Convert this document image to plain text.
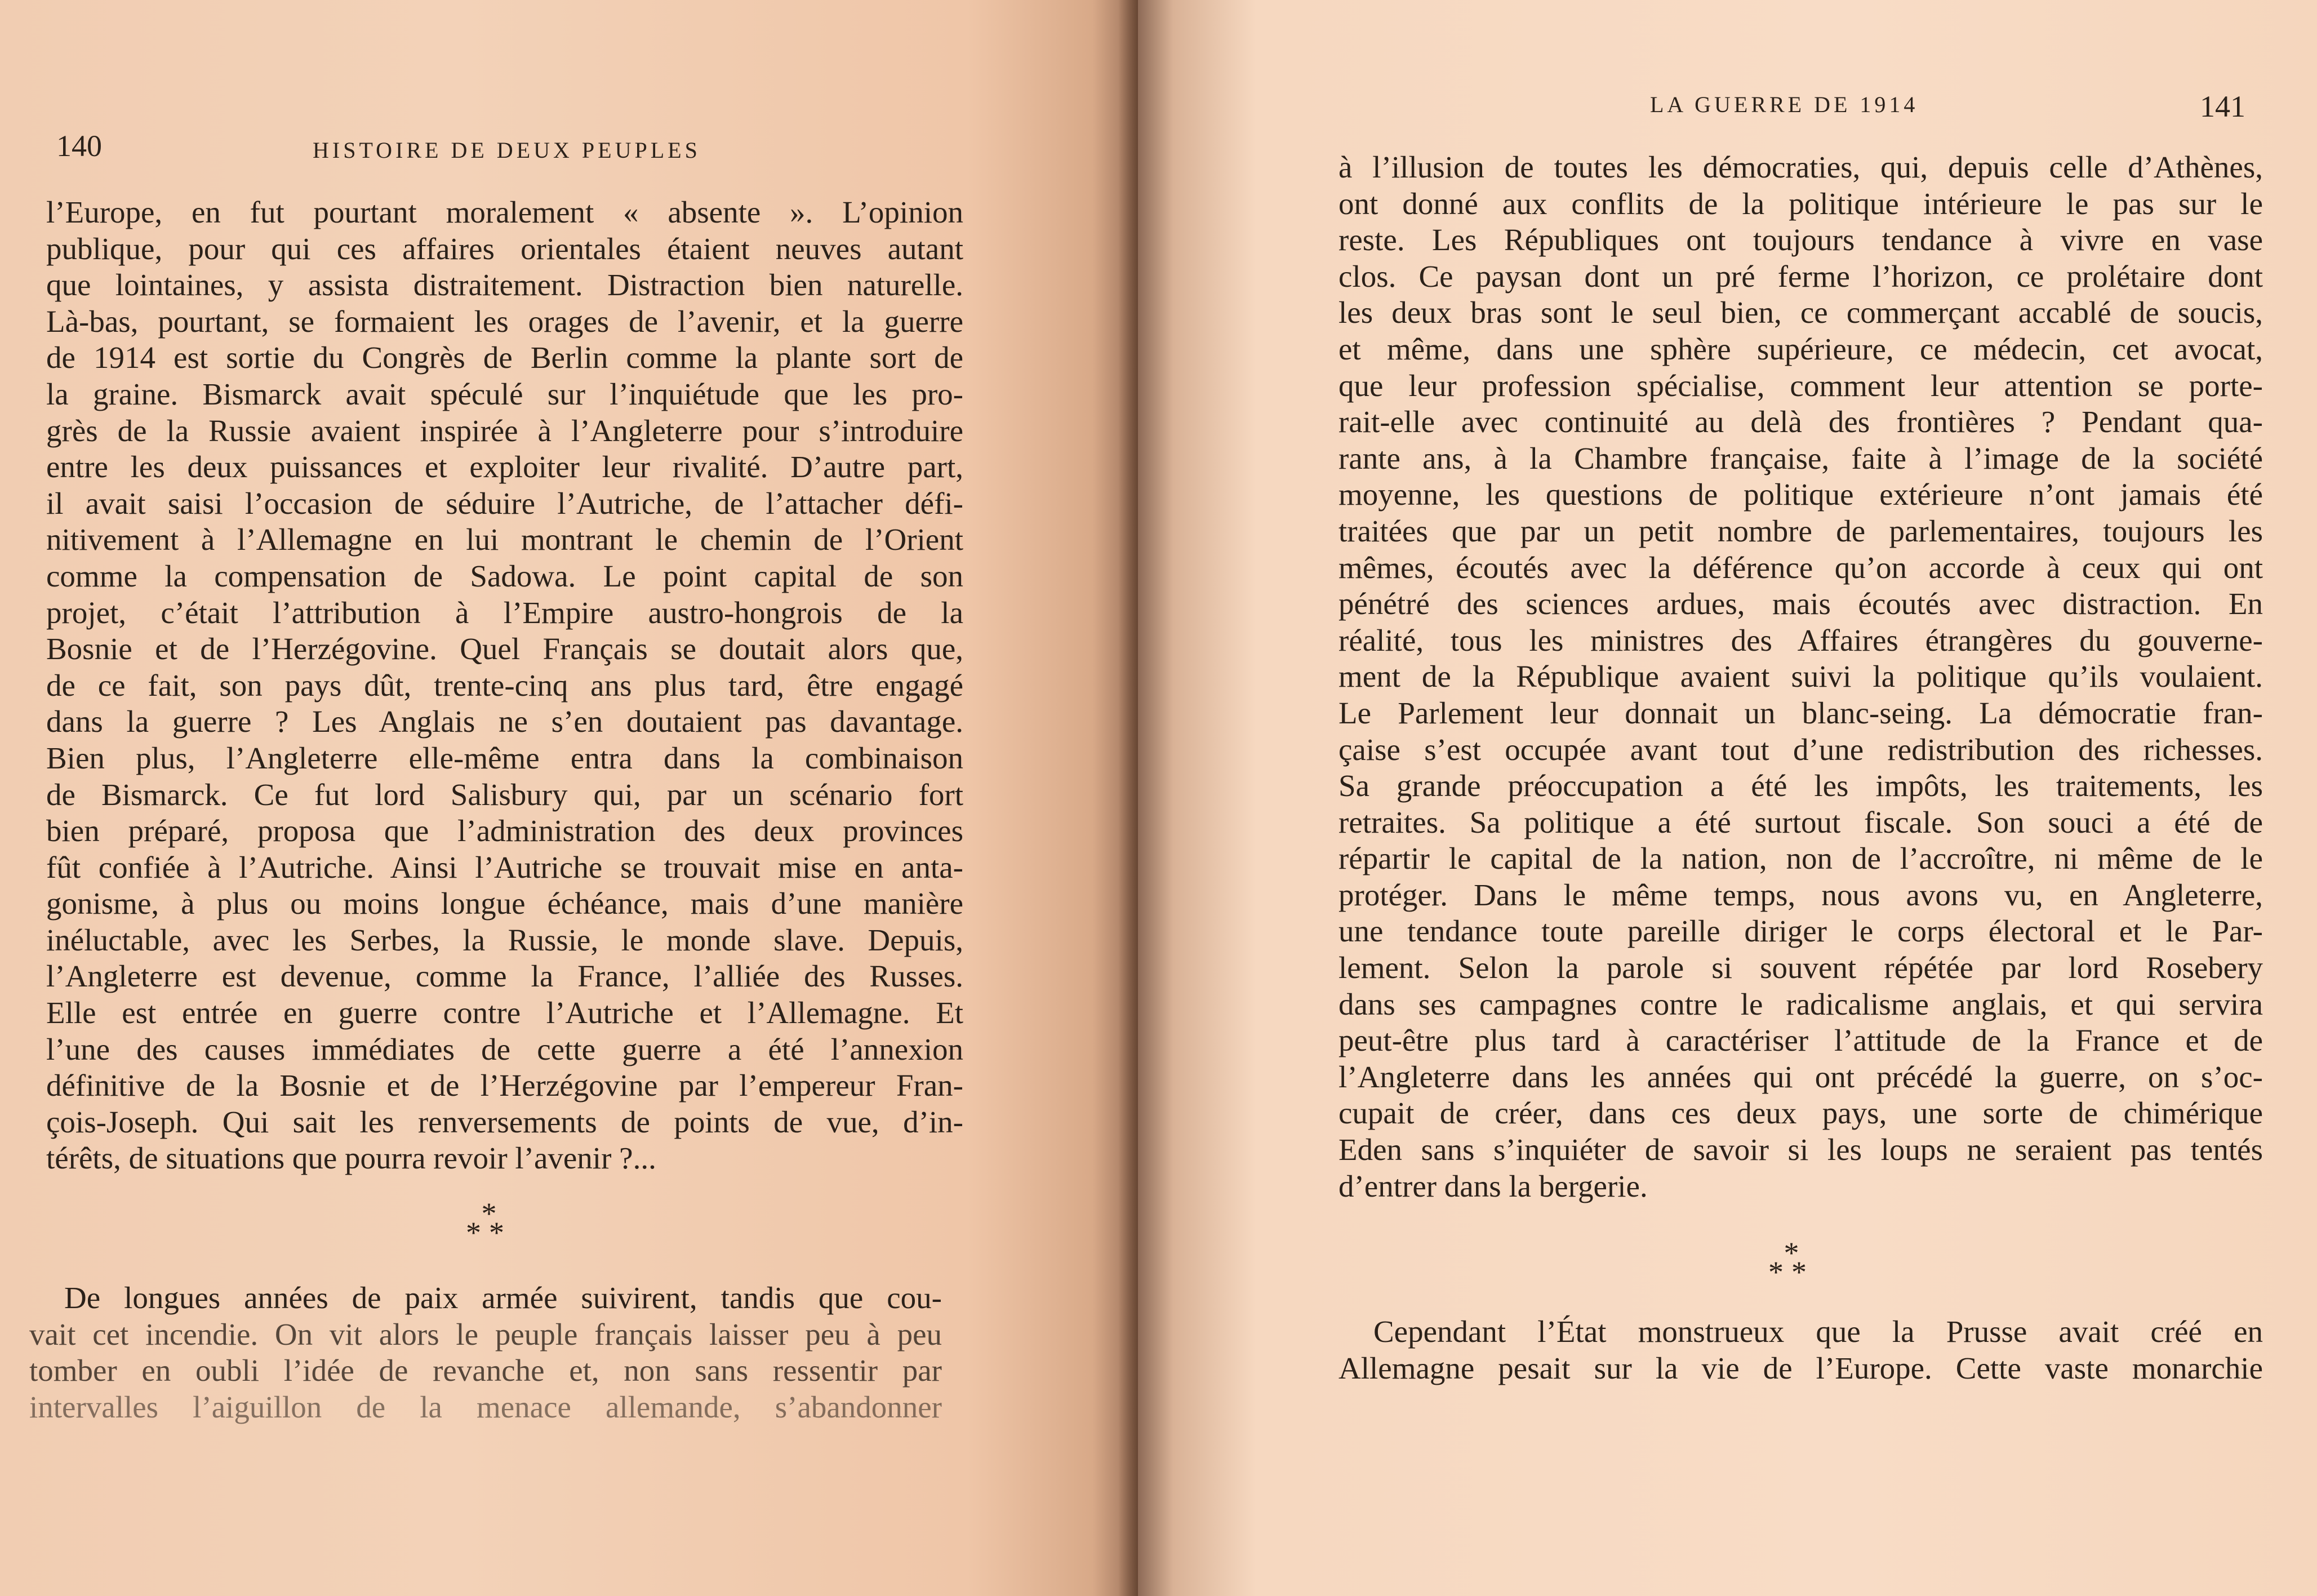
140	HISTOIRE DE DEUX PEUPLES
l’Europe, en fut pourtant moralement « absente ». L’opinion
publique, pour qui ces affaires orientales étaient neuves autant
que lointaines, y assista distraitement. Distraction bien naturelle.
Là-bas, pourtant, se formaient les orages de l’avenir, et la guerre
de 1914 est sortie du Congrès de Berlin comme la plante sort de
la graine. Bismarck avait spéculé sur l’inquiétude que les pro-
grès de la Russie avaient inspirée à l’Angleterre pour s’introduire
entre les deux puissances et exploiter leur rivalité. D’autre part,
il avait saisi l’occasion de séduire l’Autriche, de l’attacher défi-
nitivement à l’Allemagne en lui montrant le chemin de l’Orient
comme la compensation de Sadowa. Le point capital de son
projet, c’était l’attribution à l’Empire austro-hongrois de la
Bosnie et de l’Herzégovine. Quel Français se doutait alors que,
de ce fait, son pays dût, trente-cinq ans plus tard, être engagé
dans la guerre ? Les Anglais ne s’en doutaient pas davantage.
Bien plus, l’Angleterre elle-même entra dans la combinaison
de Bismarck. Ce fut lord Salisbury qui, par un scénario fort
bien préparé, proposa que l’administration des deux provinces
fût confiée à l’Autriche. Ainsi l’Autriche se trouvait mise en anta-
gonisme, à plus ou moins longue échéance, mais d’une manière
inéluctable, avec les Serbes, la Russie, le monde slave. Depuis,
l’Angleterre est devenue, comme la France, l’alliée des Russes.
Elle est entrée en guerre contre l’Autriche et l’Allemagne. Et
l’une des causes immédiates de cette guerre a été l’annexion
définitive de la Bosnie et de l’Herzégovine par l’empereur Fran-
çois-Joseph. Qui sait les renversements de points de vue, d’in-
térêts, de situations que pourra revoir l’avenir ?...
*
**
De longues années de paix armée suivirent, tandis que cou-
vait cet incendie. On vit alors le peuple français laisser peu à peu
tomber en oubli l’idée de revanche et, non sans ressentir par
intervalles l’aiguillon de la menace allemande, s’abandonner
LA GUERRE DE 1914	141
à l’illusion de toutes les démocraties, qui, depuis celle d’Athènes,
ont donné aux conflits de la politique intérieure le pas sur le
reste. Les Républiques ont toujours tendance à vivre en vase
clos. Ce paysan dont un pré ferme l’horizon, ce prolétaire dont
les deux bras sont le seul bien, ce commerçant accablé de soucis,
et même, dans une sphère supérieure, ce médecin, cet avocat,
que leur profession spécialise, comment leur attention se porte-
rait-elle avec continuité au delà des frontières ? Pendant qua-
rante ans, à la Chambre française, faite à l’image de la société
moyenne, les questions de politique extérieure n’ont jamais été
traitées que par un petit nombre de parlementaires, toujours les
mêmes, écoutés avec la déférence qu’on accorde à ceux qui ont
pénétré des sciences ardues, mais écoutés avec distraction. En
réalité, tous les ministres des Affaires étrangères du gouverne-
ment de la République avaient suivi la politique qu’ils voulaient.
Le Parlement leur donnait un blanc-seing. La démocratie fran-
çaise s’est occupée avant tout d’une redistribution des richesses.
Sa grande préoccupation a été les impôts, les traitements, les
retraites. Sa politique a été surtout fiscale. Son souci a été de
répartir le capital de la nation, non de l’accroître, ni même de le
protéger. Dans le même temps, nous avons vu, en Angleterre,
une tendance toute pareille diriger le corps électoral et le Par-
lement. Selon la parole si souvent répétée par lord Rosebery
dans ses campagnes contre le radicalisme anglais, et qui servira
peut-être plus tard à caractériser l’attitude de la France et de
l’Angleterre dans les années qui ont précédé la guerre, on s’oc-
cupait de créer, dans ces deux pays, une sorte de chimérique
Eden sans s’inquiéter de savoir si les loups ne seraient pas tentés
d’entrer dans la bergerie.
*
**
Cependant l’État monstrueux que la Prusse avait créé en
Allemagne pesait sur la vie de l’Europe. Cette vaste monarchie
